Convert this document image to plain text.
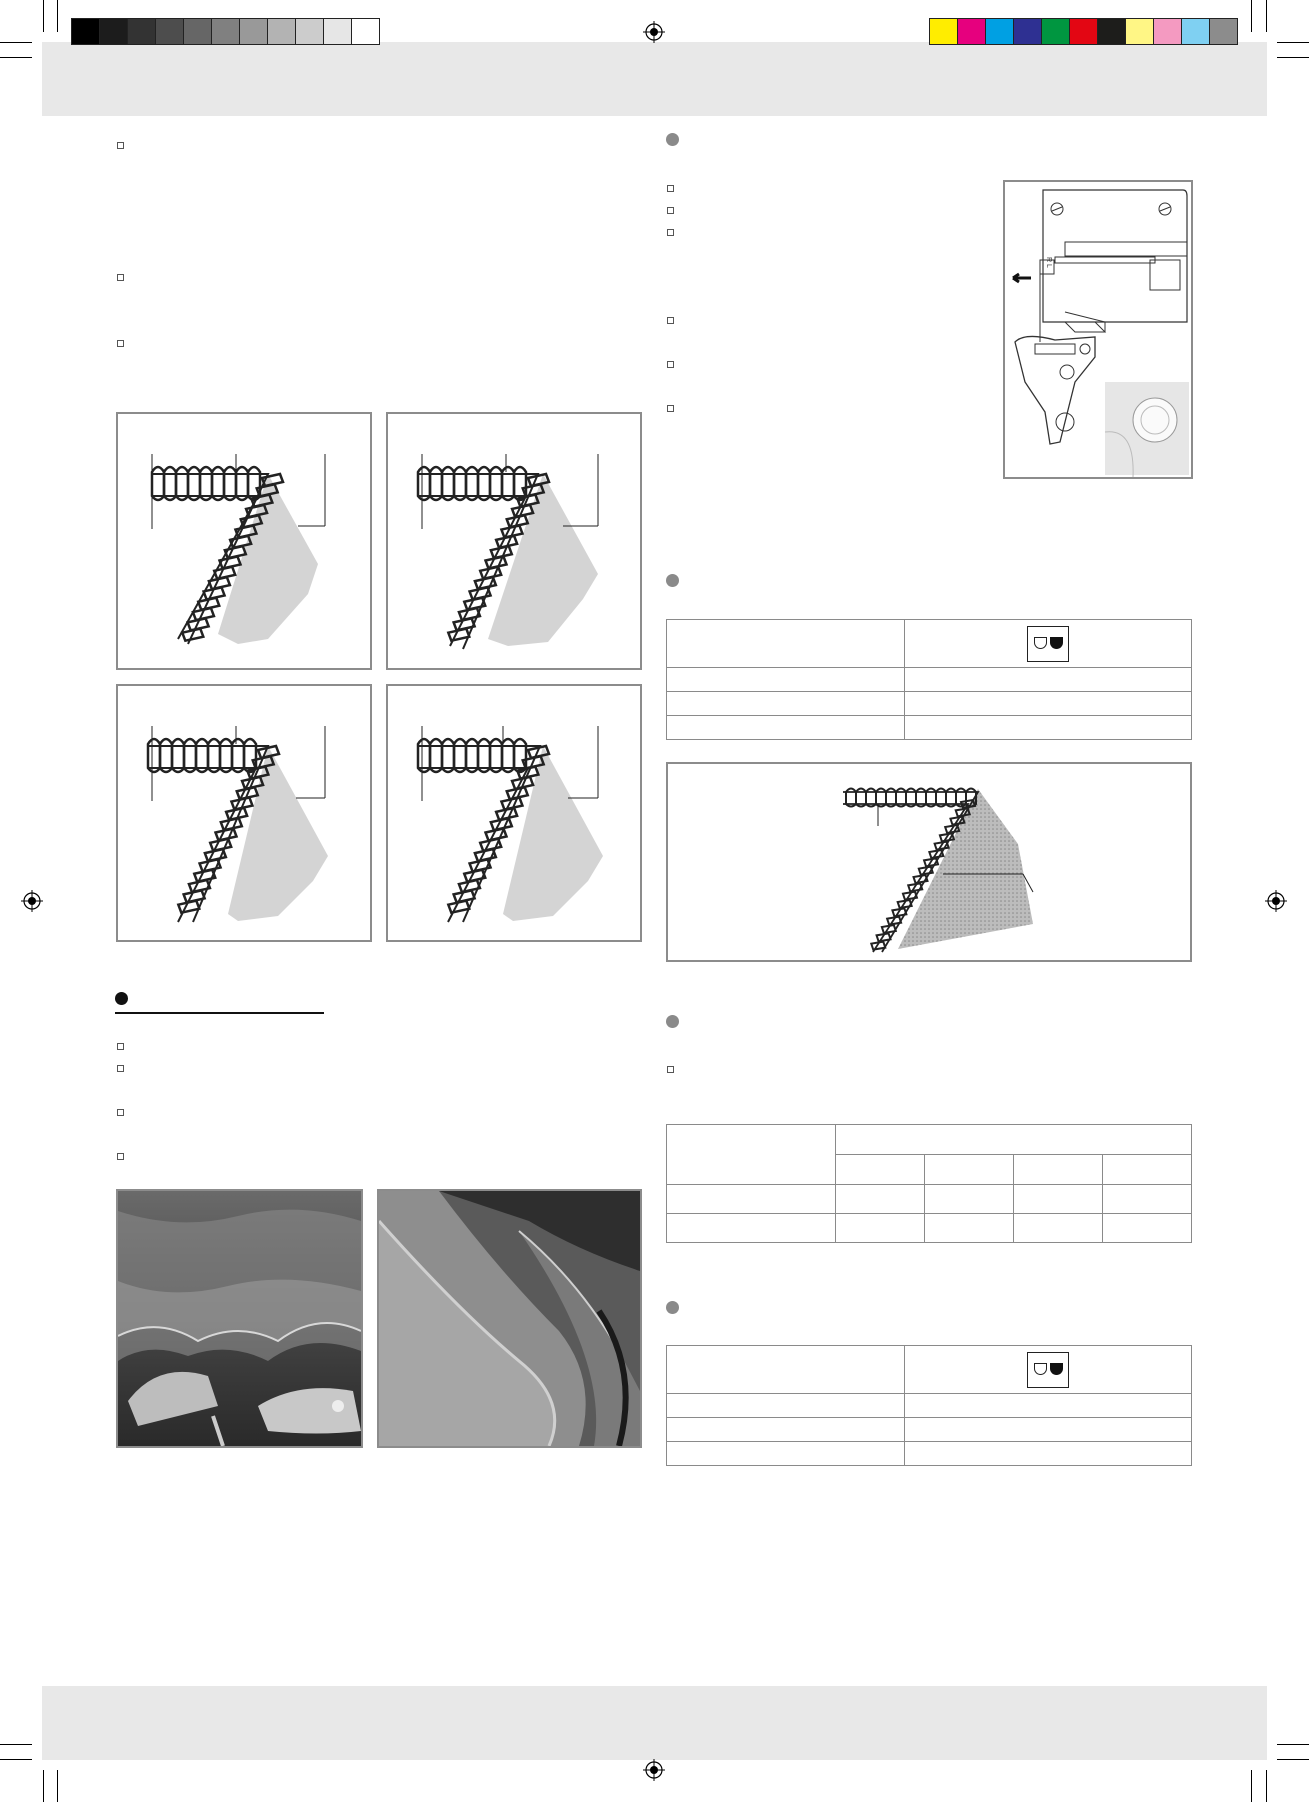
R L
